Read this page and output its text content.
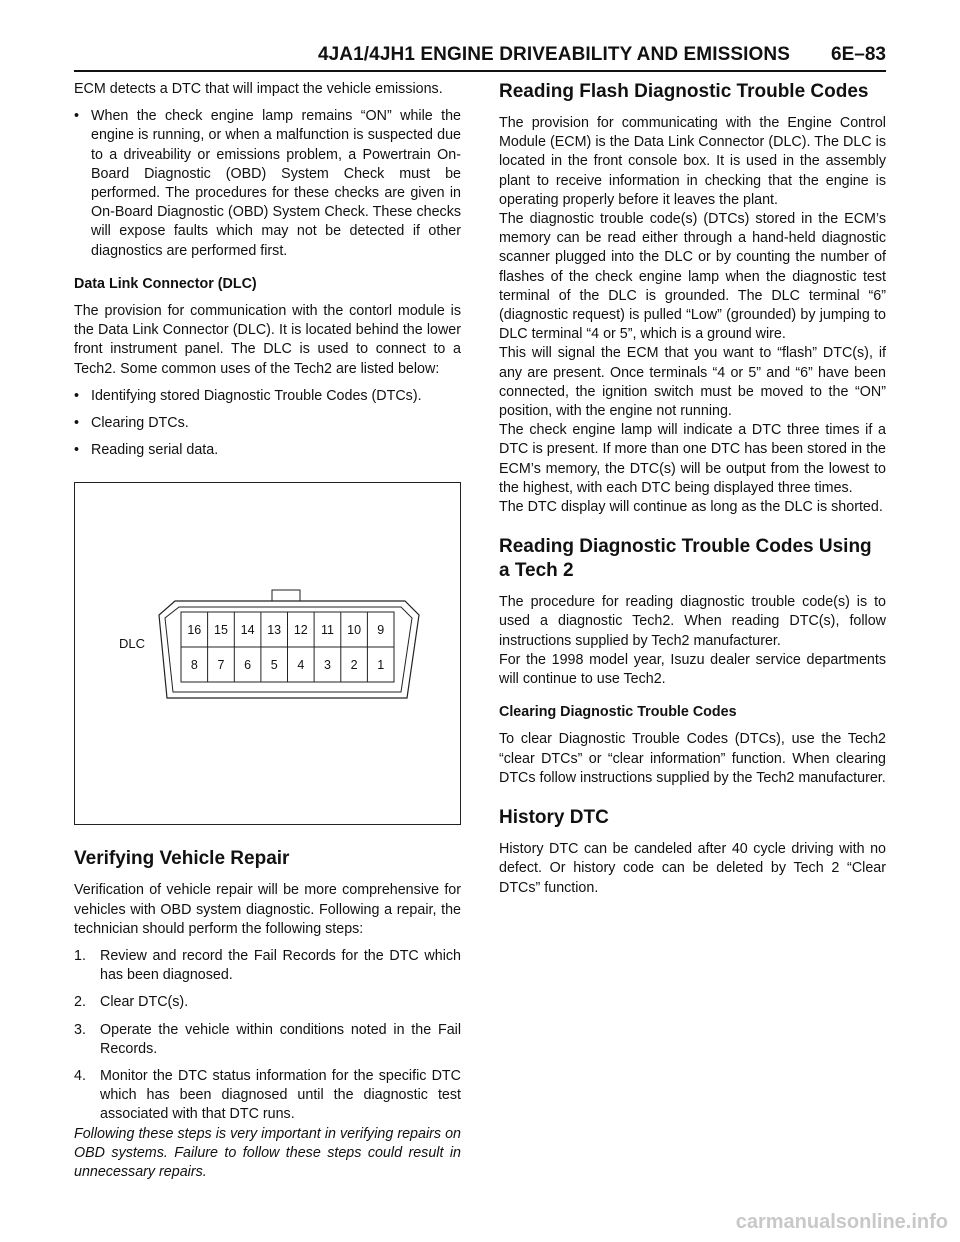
4JA1/4JH1 ENGINE DRIVEABILITY AND EMISSIONS 6E–83

ECM detects a DTC that will impact the vehicle emissions.

• When the check engine lamp remains “ON” while the engine is running, or when a malfunction is suspected due to a driveability or emissions problem, a Powertrain On-Board Diagnostic (OBD) System Check must be performed. The procedures for these checks are given in On-Board Diagnostic (OBD) System Check. These checks will expose faults which may not be detected if other diagnostics are performed first.
Data Link Connector (DLC)

The provision for communication with the contorl module is the Data Link Connector (DLC). It is located behind the lower front instrument panel. The DLC is used to connect to a Tech2. Some common uses of the Tech2 are listed below:

• Identifying stored Diagnostic Trouble Codes (DTCs).
• Clearing DTCs.
• Reading serial data.
DLC
16 15 14 13 12 11 10 9
8 7 6 5 4 3 2 1
Verifying Vehicle Repair

Verification of vehicle repair will be more comprehensive for vehicles with OBD system diagnostic. Following a repair, the technician should perform the following steps:

1. Review and record the Fail Records for the DTC which has been diagnosed.
2. Clear DTC(s).
3. Operate the vehicle within conditions noted in the Fail Records.
4. Monitor the DTC status information for the specific DTC which has been diagnosed until the diagnostic test associated with that DTC runs.

Following these steps is very important in verifying repairs on OBD systems. Failure to follow these steps could result in unnecessary repairs.

Reading Flash Diagnostic Trouble Codes

The provision for communicating with the Engine Control Module (ECM) is the Data Link Connector (DLC). The DLC is located in the front console box. It is used in the assembly plant to receive information in checking that the engine is operating properly before it leaves the plant.

The diagnostic trouble code(s) (DTCs) stored in the ECM’s memory can be read either through a hand-held diagnostic scanner plugged into the DLC or by counting the number of flashes of the check engine lamp when the diagnostic test terminal of the DLC is grounded. The DLC terminal “6” (diagnostic request) is pulled “Low” (grounded) by jumping to DLC terminal “4 or 5”, which is a ground wire.

This will signal the ECM that you want to “flash” DTC(s), if any are present. Once terminals “4 or 5” and “6” have been connected, the ignition switch must be moved to the “ON” position, with the engine not running.

The check engine lamp will indicate a DTC three times if a DTC is present. If more than one DTC has been stored in the ECM’s memory, the DTC(s) will be output from the lowest to the highest, with each DTC being displayed three times.

The DTC display will continue as long as the DLC is shorted.

Reading Diagnostic Trouble Codes Using a Tech 2

The procedure for reading diagnostic trouble code(s) is to used a diagnostic Tech2. When reading DTC(s), follow instructions supplied by Tech2 manufacturer.

For the 1998 model year, Isuzu dealer service departments will continue to use Tech2.

Clearing Diagnostic Trouble Codes

To clear Diagnostic Trouble Codes (DTCs), use the Tech2 “clear DTCs” or “clear information” function. When clearing DTCs follow instructions supplied by the Tech2 manufacturer.

History DTC

History DTC can be candeled after 40 cycle driving with no defect. Or history code can be deleted by Tech 2 “Clear DTCs” function.

carmanualsonline.info
